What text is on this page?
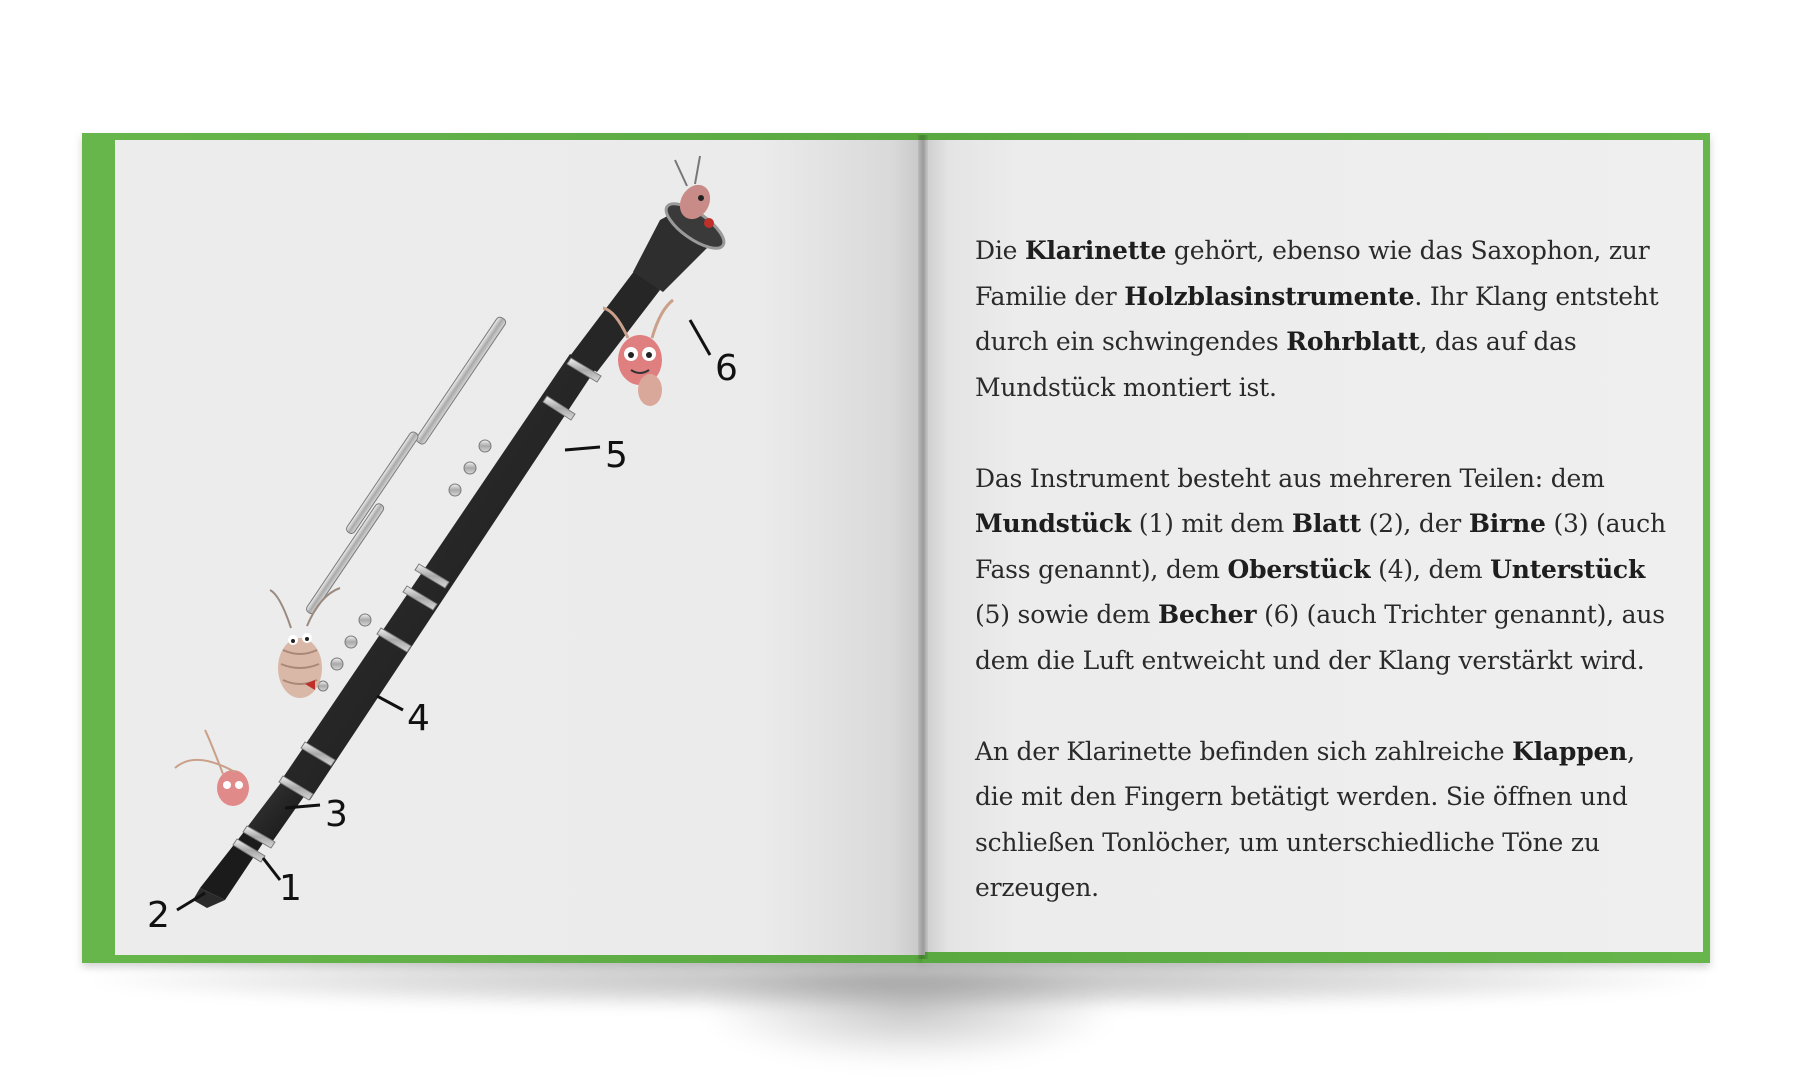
2
1
3
4
5
6

Die Klarinette gehört, ebenso wie das Saxophon, zur Familie der Holzblasinstrumente. Ihr Klang entsteht durch ein schwingendes Rohrblatt, das auf das Mundstück montiert ist.

Das Instrument besteht aus mehreren Teilen: dem Mundstück (1) mit dem Blatt (2), der Birne (3) (auch Fass genannt), dem Oberstück (4), dem Unterstück (5) sowie dem Becher (6) (auch Trichter genannt), aus dem die Luft entweicht und der Klang verstärkt wird.

An der Klarinette befinden sich zahlreiche Klappen, die mit den Fingern betätigt werden. Sie öffnen und schließen Tonlöcher, um unterschiedliche Töne zu erzeugen.
